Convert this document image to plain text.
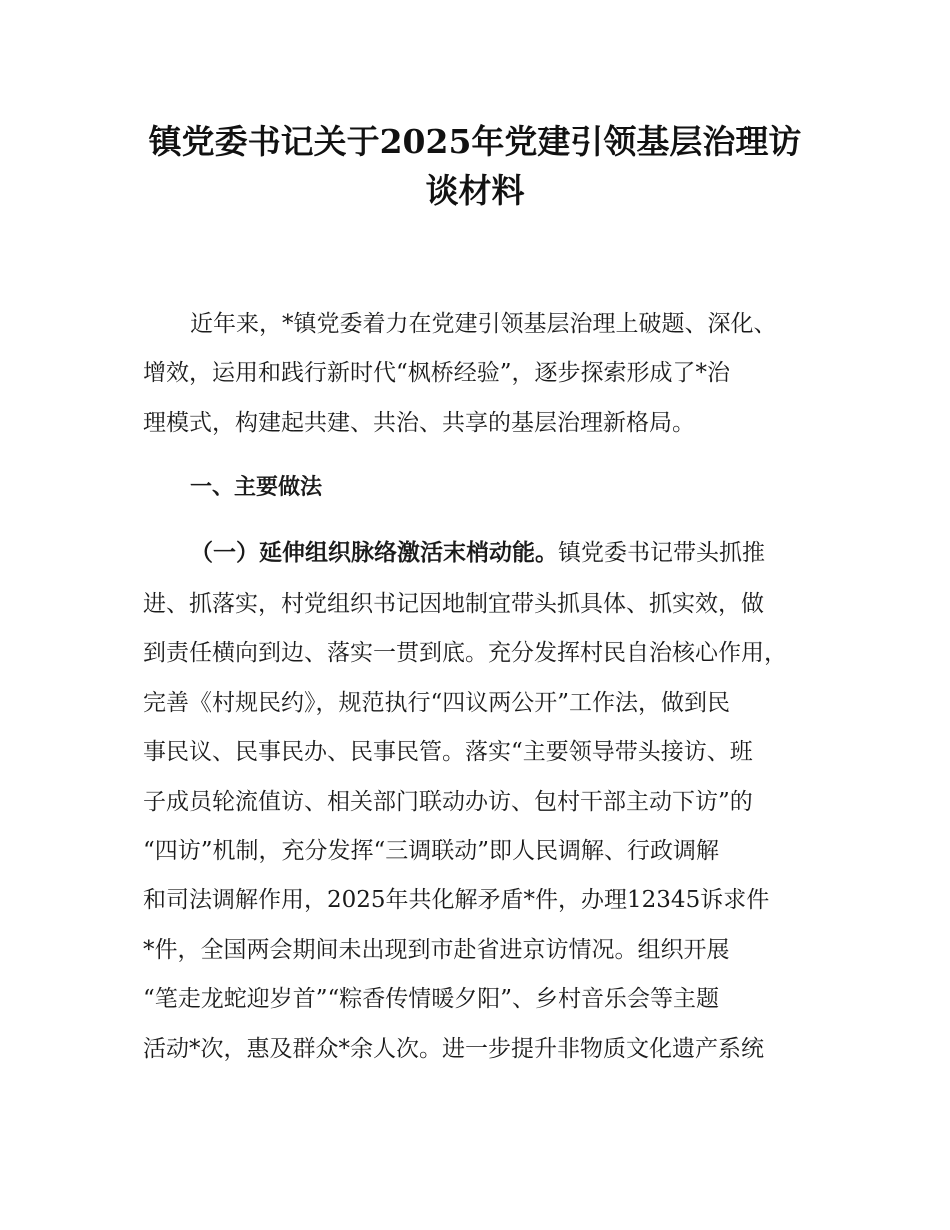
镇党委书记关于2025年党建引领基层治理访
谈材料
近年来，*镇党委着力在党建引领基层治理上破题、深化、
增效，运用和践行新时代“枫桥经验”，逐步探索形成了*治
理模式，构建起共建、共治、共享的基层治理新格局。
一、主要做法
（一）延伸组织脉络激活末梢动能。镇党委书记带头抓推
进、抓落实，村党组织书记因地制宜带头抓具体、抓实效，做
到责任横向到边、落实一贯到底。充分发挥村民自治核心作用，
完善《村规民约》，规范执行“四议两公开”工作法，做到民
事民议、民事民办、民事民管。落实“主要领导带头接访、班
子成员轮流值访、相关部门联动办访、包村干部主动下访”的
“四访”机制，充分发挥“三调联动”即人民调解、行政调解
和司法调解作用，2025年共化解矛盾*件，办理12345诉求件
*件，全国两会期间未出现到市赴省进京访情况。组织开展
“笔走龙蛇迎岁首”“粽香传情暖夕阳”、乡村音乐会等主题
活动*次，惠及群众*余人次。进一步提升非物质文化遗产系统
